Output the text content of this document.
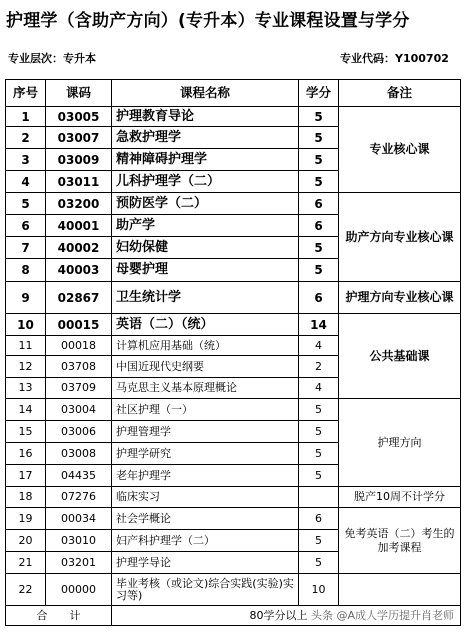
护理学（含助产方向）(专升本）专业课程设置与学分
专业层次：专升本	专业代码：Y100702
序号	课码	课程名称	学分	备注
1	03005	护理教育导论	5	专业核心课
2	03007	急救护理学	5	
3	03009	精神障碍护理学	5	
4	03011	儿科护理学（二）	5	
5	03200	预防医学（二）	6	助产方向专业核心课
6	40001	助产学	6	
7	40002	妇幼保健	5	
8	40003	母婴护理	5	
9	02867	卫生统计学	6	护理方向专业核心课
10	00015	英语（二）（统）	14	公共基础课
11	00018	计算机应用基础（统）	4	
12	03708	中国近现代史纲要	2	
13	03709	马克思主义基本原理概论	4	
14	03004	社区护理（一）	5	护理方向
15	03006	护理管理学	5	
16	03008	护理学研究	5	
17	04435	老年护理学	5	
18	07276	临床实习		脱产10周不计学分
19	00034	社会学概论	6	免考英语（二）考生的加考课程
20	03010	妇产科护理学（二）	5	
21	03201	护理学导论	5	
22	00000	毕业考核（或论文)综合实践(实验)实习等)	10	
合　　计		80学分以上 头条 @A成人学历提升肖老师		
